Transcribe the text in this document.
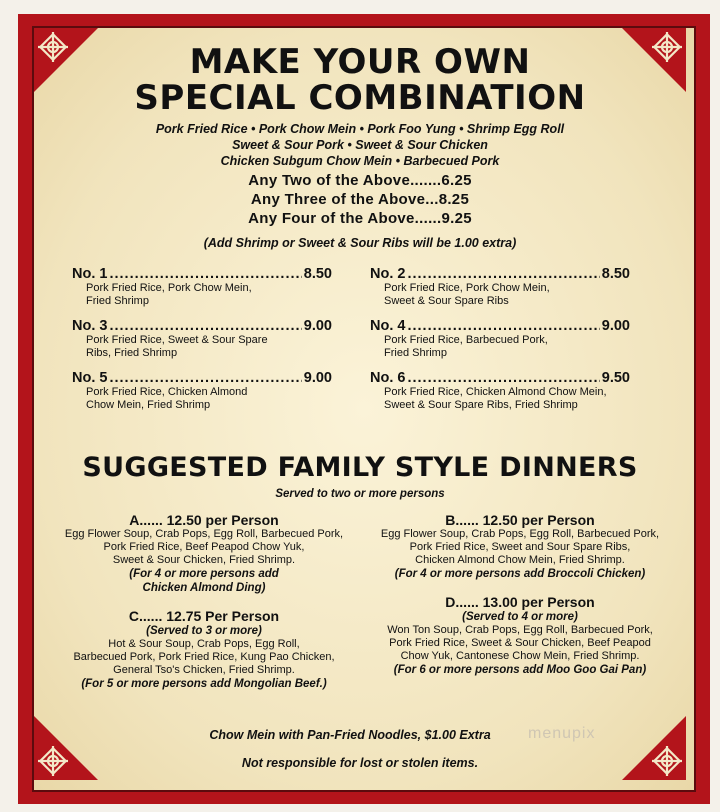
MAKE YOUR OWN
SPECIAL COMBINATION

Pork Fried Rice • Pork Chow Mein • Pork Foo Yung • Shrimp Egg Roll

Sweet & Sour Pork • Sweet & Sour Chicken

Chicken Subgum Chow Mein • Barbecued Pork

Any Two of the Above.......6.25

Any Three of the Above...8.25

Any Four of the Above......9.25

(Add Shrimp or Sweet & Sour Ribs will be 1.00 extra)

No. 1 .....	8.50
Pork Fried Rice, Pork Chow Mein,
Fried Shrimp
No. 2 .....	8.50
Pork Fried Rice, Pork Chow Mein,
Sweet & Sour Spare Ribs
No. 3 .....	9.00
Pork Fried Rice, Sweet & Sour Spare
Ribs, Fried Shrimp
No. 4 .....	9.00
Pork Fried Rice, Barbecued Pork,
Fried Shrimp
No. 5 .....	9.00
Pork Fried Rice, Chicken Almond
Chow Mein, Fried Shrimp
No. 6 .....	9.50
Pork Fried Rice, Chicken Almond Chow Mein,
Sweet & Sour Spare Ribs, Fried Shrimp
SUGGESTED FAMILY STYLE DINNERS

Served to two or more persons

A...... 12.50 per Person
Egg Flower Soup, Crab Pops, Egg Roll, Barbecued Pork,
Pork Fried Rice, Beef Peapod Chow Yuk,
Sweet & Sour Chicken, Fried Shrimp.
(For 4 or more persons add
Chicken Almond Ding)
B...... 12.50 per Person
Egg Flower Soup, Crab Pops, Egg Roll, Barbecued Pork,
Pork Fried Rice, Sweet and Sour Spare Ribs,
Chicken Almond Chow Mein, Fried Shrimp.
(For 4 or more persons add Broccoli Chicken)
C...... 12.75 Per Person
(Served to 3 or more)
Hot & Sour Soup, Crab Pops, Egg Roll,
Barbecued Pork, Pork Fried Rice, Kung Pao Chicken,
General Tso's Chicken, Fried Shrimp.
(For 5 or more persons add Mongolian Beef.)
D...... 13.00 per Person
(Served to 4 or more)
Won Ton Soup, Crab Pops, Egg Roll, Barbecued Pork,
Pork Fried Rice, Sweet & Sour Chicken, Beef Peapod
Chow Yuk, Cantonese Chow Mein, Fried Shrimp.
(For 6 or more persons add Moo Goo Gai Pan)

Chow Mein with Pan-Fried Noodles, $1.00 Extra

Not responsible for lost or stolen items.

menupix
